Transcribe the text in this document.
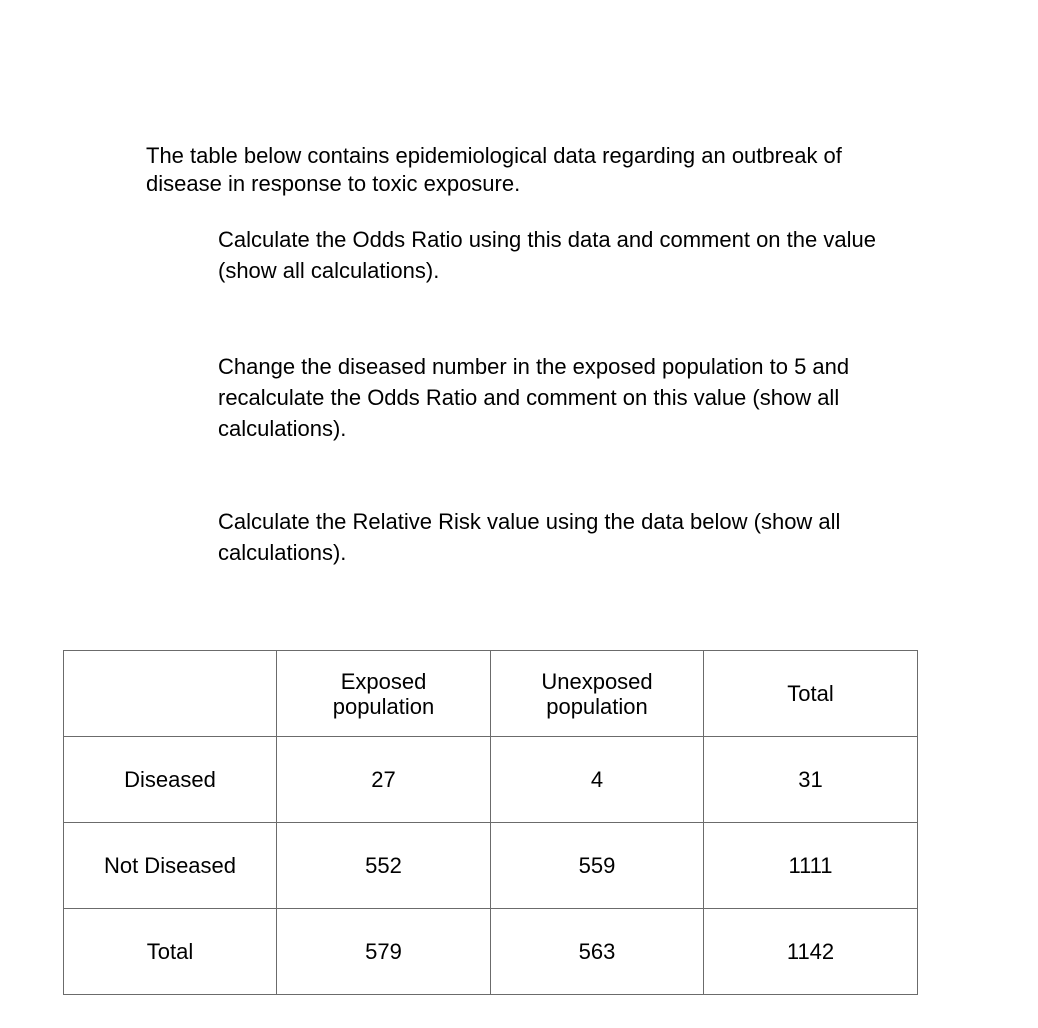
The table below contains epidemiological data regarding an outbreak of disease in response to toxic exposure.

Calculate the Odds Ratio using this data and comment on the value (show all calculations).

Change the diseased number in the exposed population to 5 and recalculate the Odds Ratio and comment on this value (show all calculations).

Calculate the Relative Risk value using the data below (show all calculations).

	Exposed population	Unexposed population	Total
Diseased	27	4	31
Not Diseased	552	559	1111
Total	579	563	1142
